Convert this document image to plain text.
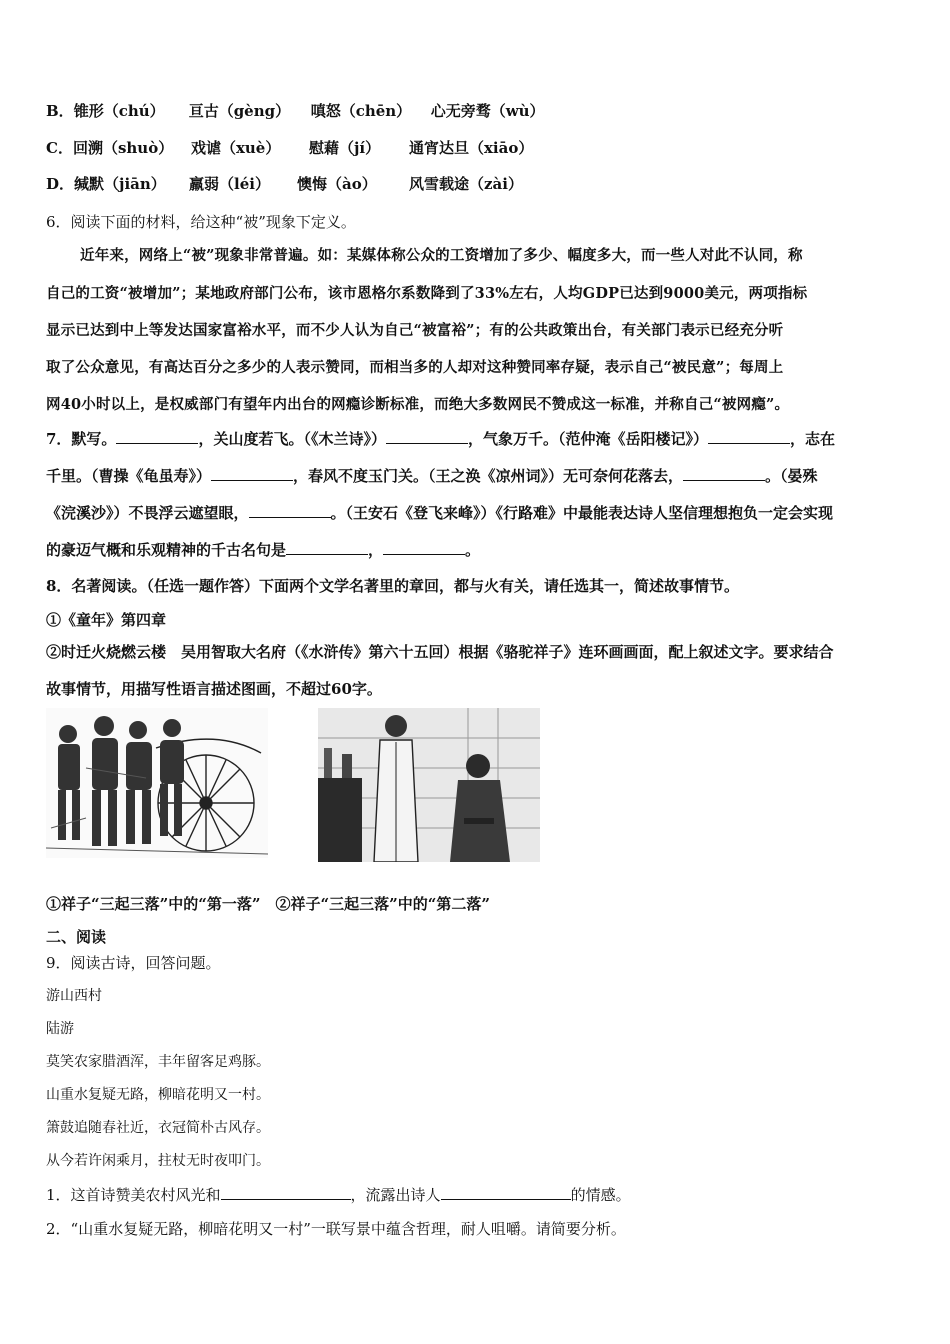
B．锥形（chú） 亘古（gèng） 嗔怒（chēn） 心无旁骛（wù）
C．回溯（shuò） 戏谑（xuè） 慰藉（jí） 通宵达旦（xiāo）
D．缄默（jiān） 羸弱（léi） 懊悔（ào） 风雪载途（zài）
6．阅读下面的材料，给这种“被”现象下定义。
近年来，网络上“被”现象非常普遍。如：某媒体称公众的工资增加了多少、幅度多大，而一些人对此不认同，称
自己的工资“被增加”；某地政府部门公布，该市恩格尔系数降到了33%左右，人均GDP已达到9000美元，两项指标
显示已达到中上等发达国家富裕水平，而不少人认为自己“被富裕”；有的公共政策出台，有关部门表示已经充分听
取了公众意见，有高达百分之多少的人表示赞同，而相当多的人却对这种赞同率存疑，表示自己“被民意”；每周上
网40小时以上，是权威部门有望年内出台的网瘾诊断标准，而绝大多数网民不赞成这一标准，并称自己“被网瘾”。
7．默写。	，关山度若飞。（《木兰诗》）	，气象万千。（范仲淹《岳阳楼记》）	，志在
千里。（曹操《龟虽寿》）	，春风不度玉门关。（王之涣《凉州词》）无可奈何花落去，	。（晏殊
《浣溪沙》）不畏浮云遮望眼，	。（王安石《登飞来峰》）《行路难》中最能表达诗人坚信理想抱负一定会实现
的豪迈气概和乐观精神的千古名句是	，	。
8．名著阅读。（任选一题作答）下面两个文学名著里的章回，都与火有关，请任选其一，简述故事情节。
①《童年》第四章
②时迁火烧燃云楼　吴用智取大名府（《水浒传》第六十五回）根据《骆驼祥子》连环画画面，配上叙述文字。要求结合
故事情节，用描写性语言描述图画，不超过60字。
①祥子“三起三落”中的“第一落”　②祥子“三起三落”中的“第二落”
二、阅读
9．阅读古诗，回答问题。
游山西村
陆游
莫笑农家腊酒浑，丰年留客足鸡豚。
山重水复疑无路，柳暗花明又一村。
箫鼓追随春社近，衣冠简朴古风存。
从今若许闲乘月，拄杖无时夜叩门。
1．这首诗赞美农村风光和	，流露出诗人	的情感。
2．“山重水复疑无路，柳暗花明又一村”一联写景中蕴含哲理，耐人咀嚼。请简要分析。
